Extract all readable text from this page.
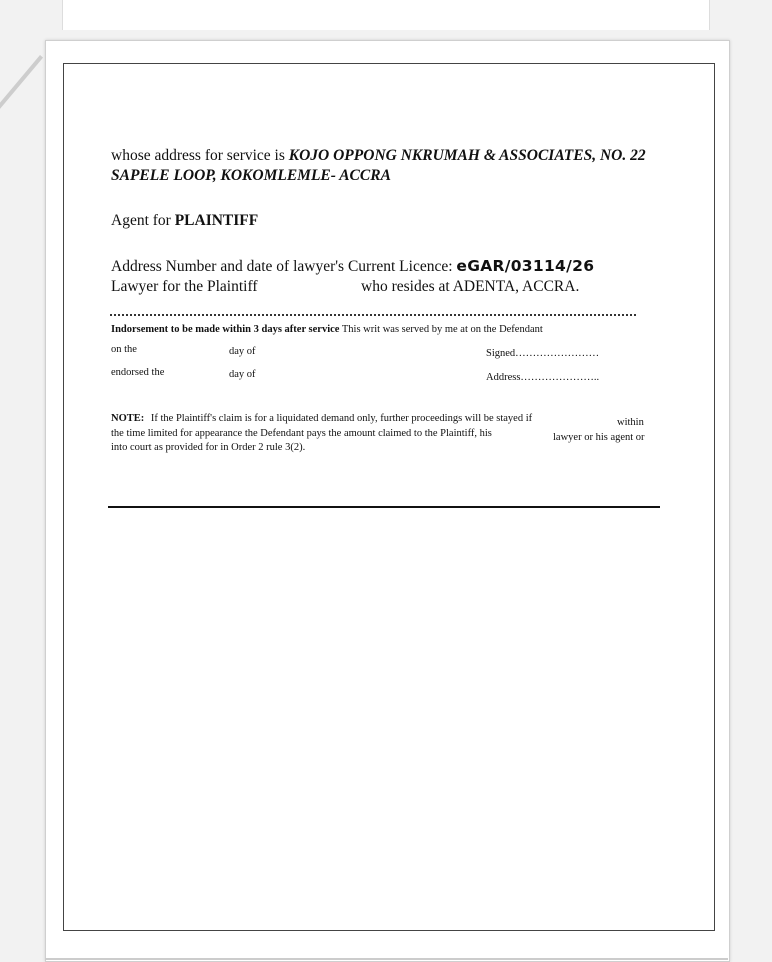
whose address for service is KOJO OPPONG NKRUMAH & ASSOCIATES, NO. 22
SAPELE LOOP, KOKOMLEMLE- ACCRA
Agent for PLAINTIFF
Address Number and date of lawyer's Current Licence: eGAR/03114/26
Lawyer for the Plaintiff	who resides at ADENTA, ACCRA.
Indorsement to be made within 3 days after service This writ was served by me at on the Defendant
on the	day of	Signed……………………
endorsed the	day of	Address…………………..
NOTE: If the Plaintiff's claim is for a liquidated demand only, further proceedings will be stayed if	within
the time limited for appearance the Defendant pays the amount claimed to the Plaintiff, his	lawyer or his agent or
into court as provided for in Order 2 rule 3(2).
